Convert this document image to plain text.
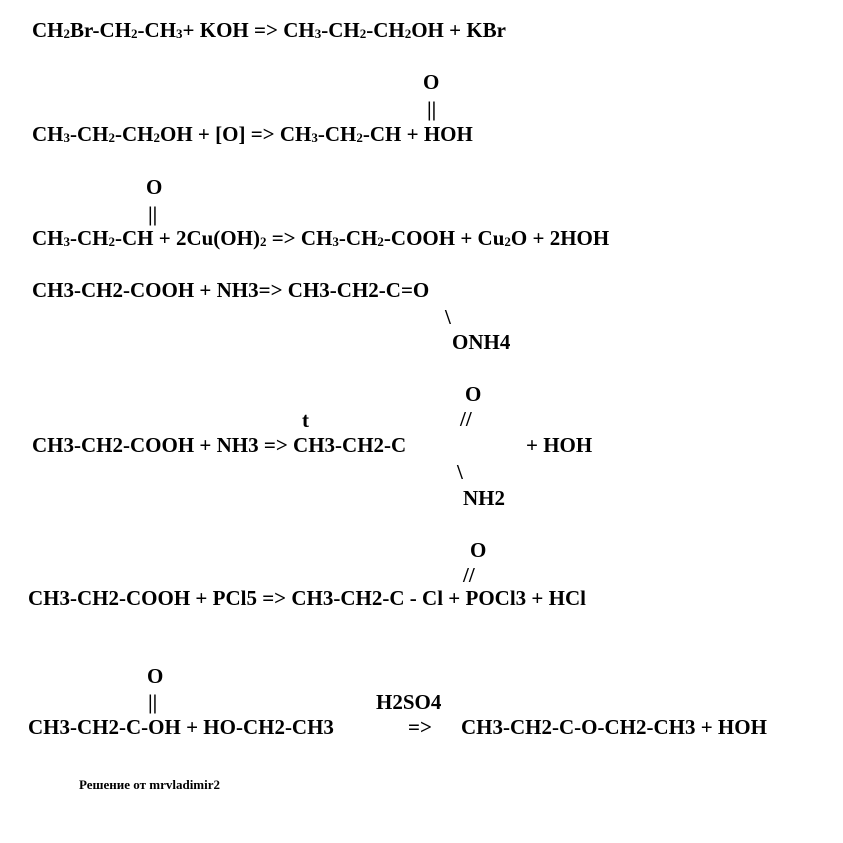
$CH_2Br-CH_2-CH_3+$ KOH => $CH_3-CH_2-CH_2OH$ + KBr
O
||
$CH_3-CH_2-CH_2OH + [O] => CH_3-CH_2-CH$ + HOH
O
||
$CH_3-CH_2-CH + 2Cu(OH)_2$ => $CH_3-CH_2$-COOH + $Cu_2O + 2HOH$
CH3-CH2-COOH + NH3=> CH3-CH2-C=O
\
ONH4
t
O
//
CH3-CH2-COOH + NH3 => CH3-CH2-C	+ HOH
\
NH2
O
//
CH3-CH2-COOH + PCl5 => CH3-CH2-C - Cl + POCl3 + HCl
O
||	H2SO4
CH3-CH2-C-OH + HO-CH2-CH3	=> CH3-CH2-C-O-CH2-CH3 + HOH
Решение от mrvladimir2
